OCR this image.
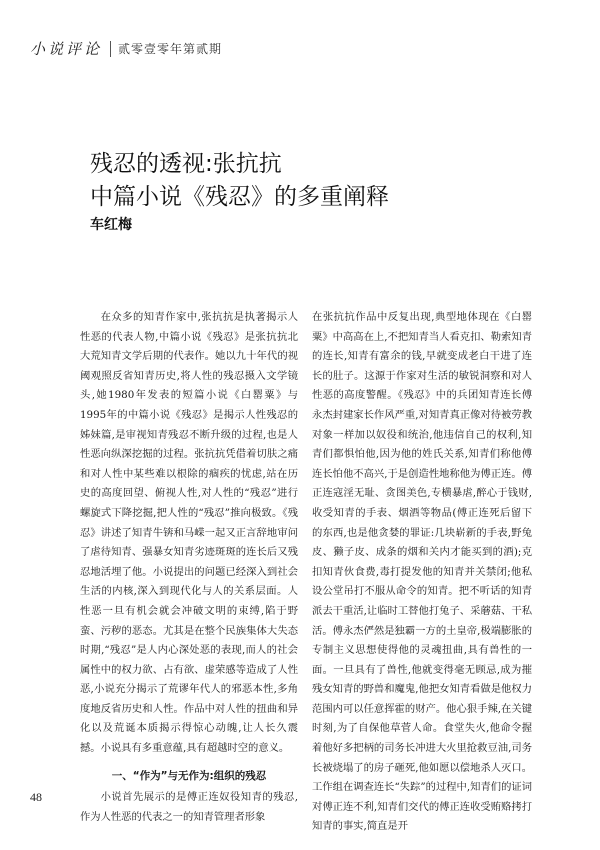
小说评论 贰零壹零年第贰期
残忍的透视:张抗抗
中篇小说《残忍》的多重阐释
车红梅

在众多的知青作家中,张抗抗是执著揭示人性恶的代表人物,中篇小说《残忍》是张抗抗北大荒知青文学后期的代表作。她以九十年代的视阈观照反省知青历史,将人性的残忍摄入文学镜头,她1980年发表的短篇小说《白罂粟》与1995年的中篇小说《残忍》是揭示人性残忍的姊妹篇,是审视知青残忍不断升级的过程,也是人性恶向纵深挖掘的过程。张抗抗凭借着切肤之痛和对人性中某些难以根除的痼疾的忧虑,站在历史的高度回望、俯视人性,对人性的“残忍”进行螺旋式下降挖掘,把人性的“残忍”推向极致。《残忍》讲述了知青牛锛和马嵘一起又正言辞地审问了虐待知青、强暴女知青劣迹斑斑的连长后又残忍地活埋了他。小说提出的问题已经深入到社会生活的内核,深入到现代化与人的关系层面。人性恶一旦有机会就会冲破文明的束缚,陷于野蛮、污秽的恶态。尤其是在整个民族集体大失态时期,“残忍”是人内心深处恶的表现,而人的社会属性中的权力欲、占有欲、虚荣感等造成了人性恶,小说充分揭示了荒谬年代人的邪恶本性,多角度地反省历史和人性。作品中对人性的扭曲和异化以及荒诞本质揭示得惊心动魄,让人长久震撼。小说具有多重意蕴,具有超越时空的意义。

一、“作为”与无作为:组织的残忍

小说首先展示的是傅正连奴役知青的残忍,作为人性恶的代表之一的知青管理者形象

在张抗抗作品中反复出现,典型地体现在《白罂粟》中高高在上,不把知青当人看克扣、勒索知青的连长,知青有富余的钱,早就变成老白干进了连长的肚子。这源于作家对生活的敏锐洞察和对人性恶的高度警醒。《残忍》中的兵团知青连长傅永杰封建家长作风严重,对知青真正像对待被劳教对象一样加以奴役和统治,他违信自己的权利,知青们都惧怕他,因为他的姓氏关系,知青们称他傅连长怕他不高兴,于是创造性地称他为傅正连。傅正连寇淫无耻、贪图美色,专横暴虐,醉心于钱财,收受知青的手表、烟酒等物品(傅正连死后留下的东西,也是他贪婪的罪证:几块崭新的手表,野兔皮、獭子皮、成条的烟和关内才能买到的酒);克扣知青伙食费,毒打提发他的知青并关禁闭;他私设公堂吊打不服从命令的知青。把不听话的知青派去干重活,让临时工替他打兔子、采蘑菇、干私活。傅永杰俨然是独霸一方的土皇帝,极端膨胀的专制主义思想使得他的灵魂扭曲,具有兽性的一面。一旦具有了兽性,他就变得毫无顾忌,成为摧残女知青的野兽和魔鬼,他把女知青看做是他权力范围内可以任意挥霍的财产。他心狠手辣,在关键时刻,为了自保他草菅人命。食堂失火,他命令握着他好多把柄的司务长冲进大火里抢救豆油,司务长被烧塌了的房子砸死,他如愿以偿地杀人灭口。工作组在调查连长“失踪”的过程中,知青们的证词对傅正连不利,知青们交代的傅正连收受贿赂拷打知青的事实,简直是开

48
